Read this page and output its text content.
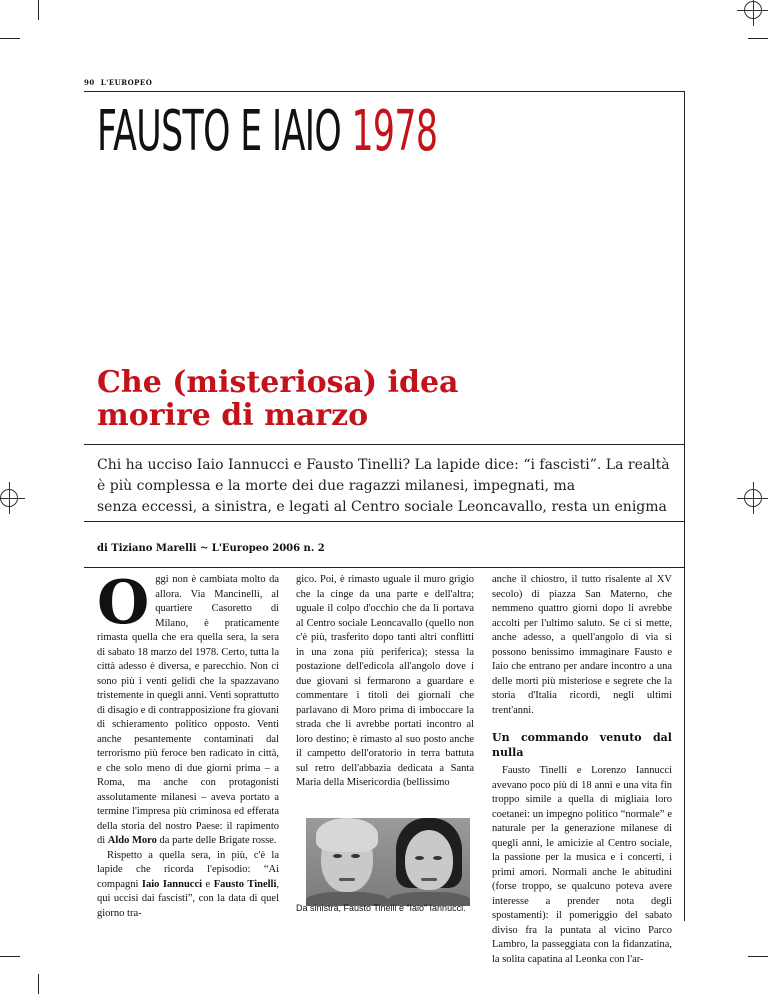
90 L'EUROPEO
FAUSTO E IAIO 1978
Che (misteriosa) idea
morire di marzo
Chi ha ucciso Iaio Iannucci e Fausto Tinelli? La lapide dice: “i fascisti”. La realtà
è più complessa e la morte dei due ragazzi milanesi, impegnati, ma
senza eccessi, a sinistra, e legati al Centro sociale Leoncavallo, resta un enigma
di Tiziano Marelli ~ L'Europeo 2006 n. 2
O ggi non è cambiata molto da allora. Via Mancinelli, al quartiere Casoretto di Milano, è praticamente rimasta quella che era quella sera, la sera di sabato 18 marzo del 1978. Certo, tutta la città adesso è diversa, e parecchio. Non ci sono più i venti gelidi che la spazzavano tristemente in quegli anni. Venti soprattutto di disagio e di contrapposizione fra giovani di schieramento politico opposto. Venti anche pesantemente contaminati dal terrorismo più feroce ben radicato in città, e che solo meno di due giorni prima – a Roma, ma anche con protagonisti assolutamente milanesi – aveva portato a termine l'impresa più criminosa ed efferata della storia del nostro Paese: il rapimento di Aldo Moro da parte delle Brigate rosse.

Rispetto a quella sera, in più, c'è la lapide che ricorda l'episodio: “Ai compagni Iaio Iannucci e Fausto Tinelli, qui uccisi dai fascisti”, con la data di quel giorno tra-

gico. Poi, è rimasto uguale il muro grigio che la cinge da una parte e dell'altra; uguale il colpo d'occhio che da lì portava al Centro sociale Leoncavallo (quello non c'è più, trasferito dopo tanti altri conflitti in una zona più periferica); stessa la postazione dell'edicola all'angolo dove i due giovani si fermarono a guardare e commentare i titoli dei giornali che parlavano di Moro prima di imboccare la strada che li avrebbe portati incontro al loro destino; è rimasto al suo posto anche il campetto dell'oratorio in terra battuta sul retro dell'abbazia dedicata a Santa Maria della Misericordia (bellissimo

Da sinistra, Fausto Tinelli e “Iaio” Iannucci.

anche il chiostro, il tutto risalente al XV secolo) di piazza San Materno, che nemmeno quattro giorni dopo li avrebbe accolti per l'ultimo saluto. Se ci si mette, anche adesso, a quell'angolo di via si possono benissimo immaginare Fausto e Iaio che entrano per andare incontro a una delle morti più misteriose e segrete che la storia d'Italia ricordi, negli ultimi trent'anni.

Un commando venuto dal nulla

Fausto Tinelli e Lorenzo Iannucci avevano poco più di 18 anni e una vita fin troppo simile a quella di migliaia loro coetanei: un impegno politico “normale” e naturale per la generazione milanese di quegli anni, le amicizie al Centro sociale, la passione per la musica e i concerti, i primi amori. Normali anche le abitudini (forse troppo, se qualcuno poteva avere interesse a prender nota degli spostamenti): il pomeriggio del sabato diviso fra la puntata al vicino Parco Lambro, la passeggiata con la fidanzatina, la solita capatina al Leonka con l'ar-
